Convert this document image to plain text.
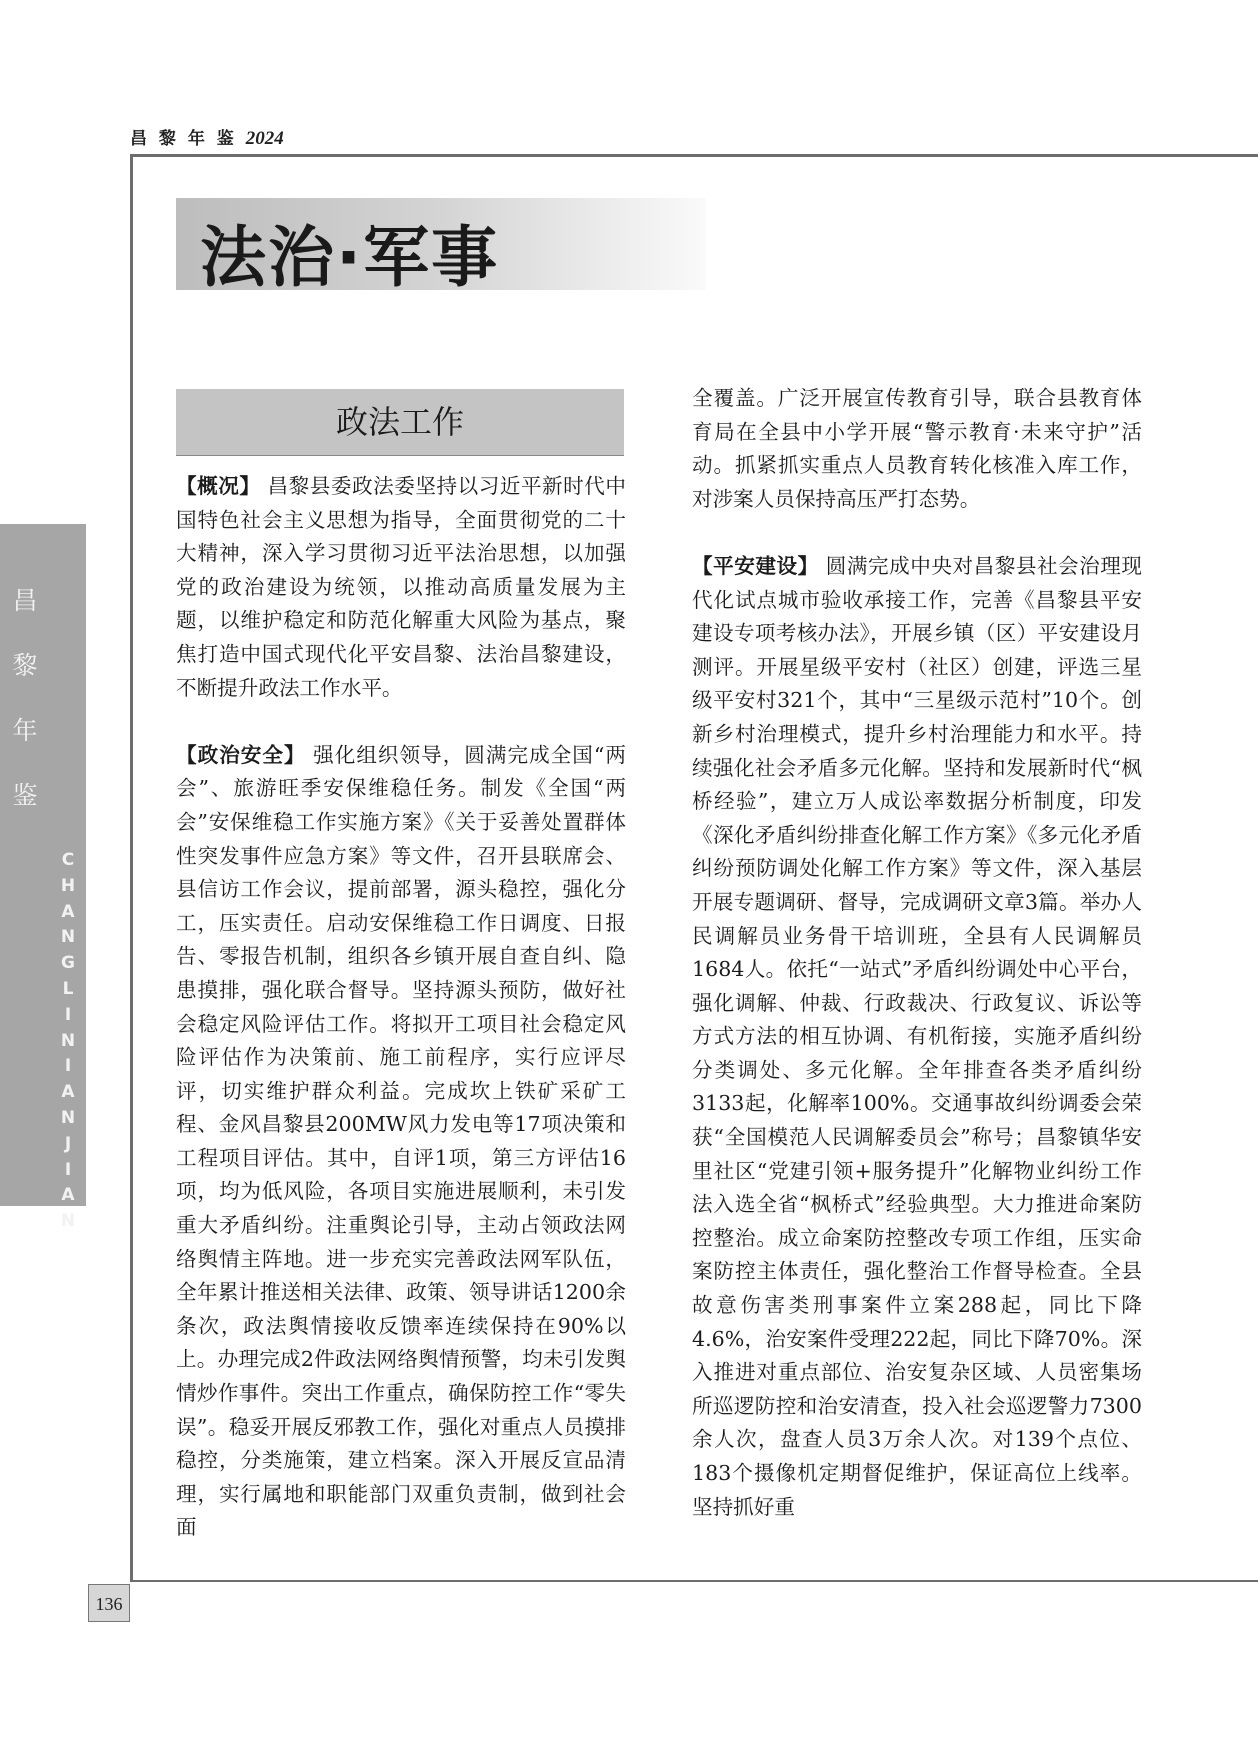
昌 黎 年 鉴 2024
法治·军事
昌
黎
年
鉴
C
H
A
N
G
L
I
N
I
A
N
J
I
A
N
政法工作

【概况】 昌黎县委政法委坚持以习近平新时代中国特色社会主义思想为指导，全面贯彻党的二十大精神，深入学习贯彻习近平法治思想，以加强党的政治建设为统领，以推动高质量发展为主题，以维护稳定和防范化解重大风险为基点，聚焦打造中国式现代化平安昌黎、法治昌黎建设，不断提升政法工作水平。

【政治安全】 强化组织领导，圆满完成全国“两会”、旅游旺季安保维稳任务。制发《全国“两会”安保维稳工作实施方案》《关于妥善处置群体性突发事件应急方案》等文件，召开县联席会、县信访工作会议，提前部署，源头稳控，强化分工，压实责任。启动安保维稳工作日调度、日报告、零报告机制，组织各乡镇开展自查自纠、隐患摸排，强化联合督导。坚持源头预防，做好社会稳定风险评估工作。将拟开工项目社会稳定风险评估作为决策前、施工前程序，实行应评尽评，切实维护群众利益。完成坎上铁矿采矿工程、金风昌黎县200MW风力发电等17项决策和工程项目评估。其中，自评1项，第三方评估16项，均为低风险，各项目实施进展顺利，未引发重大矛盾纠纷。注重舆论引导，主动占领政法网络舆情主阵地。进一步充实完善政法网军队伍，全年累计推送相关法律、政策、领导讲话1200余条次，政法舆情接收反馈率连续保持在90%以上。办理完成2件政法网络舆情预警，均未引发舆情炒作事件。突出工作重点，确保防控工作“零失误”。稳妥开展反邪教工作，强化对重点人员摸排稳控，分类施策，建立档案。深入开展反宣品清理，实行属地和职能部门双重负责制，做到社会面

全覆盖。广泛开展宣传教育引导，联合县教育体育局在全县中小学开展“警示教育·未来守护”活动。抓紧抓实重点人员教育转化核准入库工作，对涉案人员保持高压严打态势。

【平安建设】 圆满完成中央对昌黎县社会治理现代化试点城市验收承接工作，完善《昌黎县平安建设专项考核办法》，开展乡镇（区）平安建设月测评。开展星级平安村（社区）创建，评选三星级平安村321个，其中“三星级示范村”10个。创新乡村治理模式，提升乡村治理能力和水平。持续强化社会矛盾多元化解。坚持和发展新时代“枫桥经验”，建立万人成讼率数据分析制度，印发《深化矛盾纠纷排查化解工作方案》《多元化矛盾纠纷预防调处化解工作方案》等文件，深入基层开展专题调研、督导，完成调研文章3篇。举办人民调解员业务骨干培训班，全县有人民调解员1684人。依托“一站式”矛盾纠纷调处中心平台，强化调解、仲裁、行政裁决、行政复议、诉讼等方式方法的相互协调、有机衔接，实施矛盾纠纷分类调处、多元化解。全年排查各类矛盾纠纷3133起，化解率100%。交通事故纠纷调委会荣获“全国模范人民调解委员会”称号；昌黎镇华安里社区“党建引领+服务提升”化解物业纠纷工作法入选全省“枫桥式”经验典型。大力推进命案防控整治。成立命案防控整改专项工作组，压实命案防控主体责任，强化整治工作督导检查。全县故意伤害类刑事案件立案288起，同比下降4.6%，治安案件受理222起，同比下降70%。深入推进对重点部位、治安复杂区域、人员密集场所巡逻防控和治安清查，投入社会巡逻警力7300余人次，盘查人员3万余人次。对139个点位、183个摄像机定期督促维护，保证高位上线率。坚持抓好重

136
